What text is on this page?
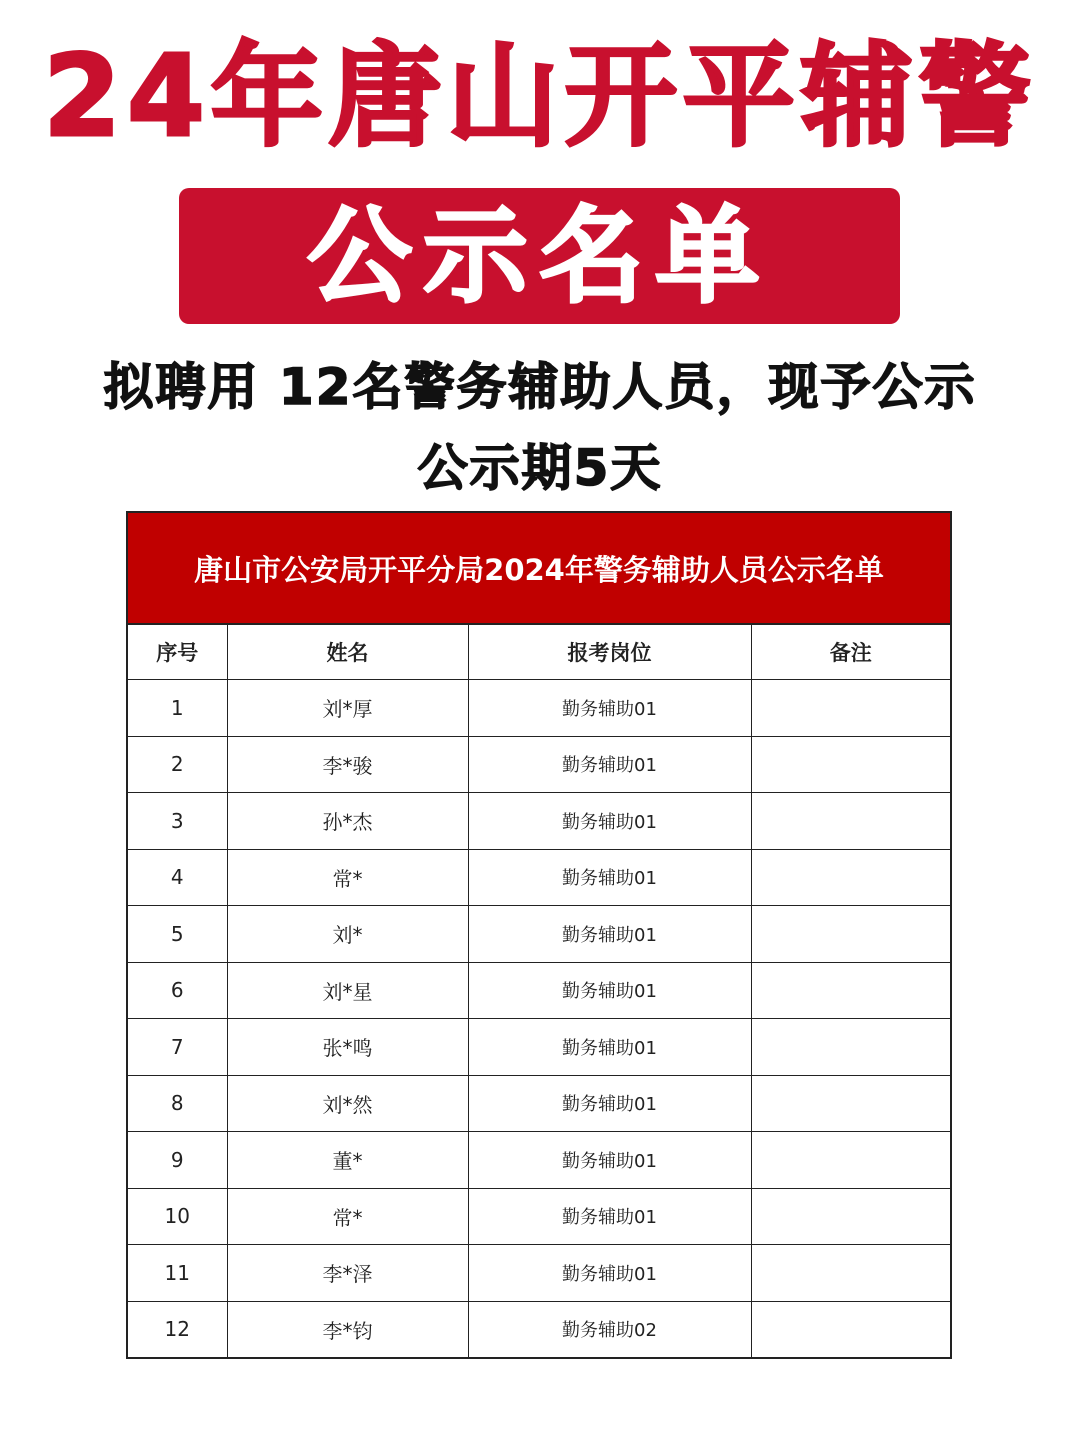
24年唐山开平辅警
公示名单
拟聘用 12名警务辅助人员，现予公示
公示期5天
唐山市公安局开平分局2024年警务辅助人员公示名单
序号	姓名	报考岗位	备注
1	刘*厚	勤务辅助01	
2	李*骏	勤务辅助01	
3	孙*杰	勤务辅助01	
4	常*	勤务辅助01	
5	刘*	勤务辅助01	
6	刘*星	勤务辅助01	
7	张*鸣	勤务辅助01	
8	刘*然	勤务辅助01	
9	董*	勤务辅助01	
10	常*	勤务辅助01	
11	李*泽	勤务辅助01	
12	李*钧	勤务辅助02	
